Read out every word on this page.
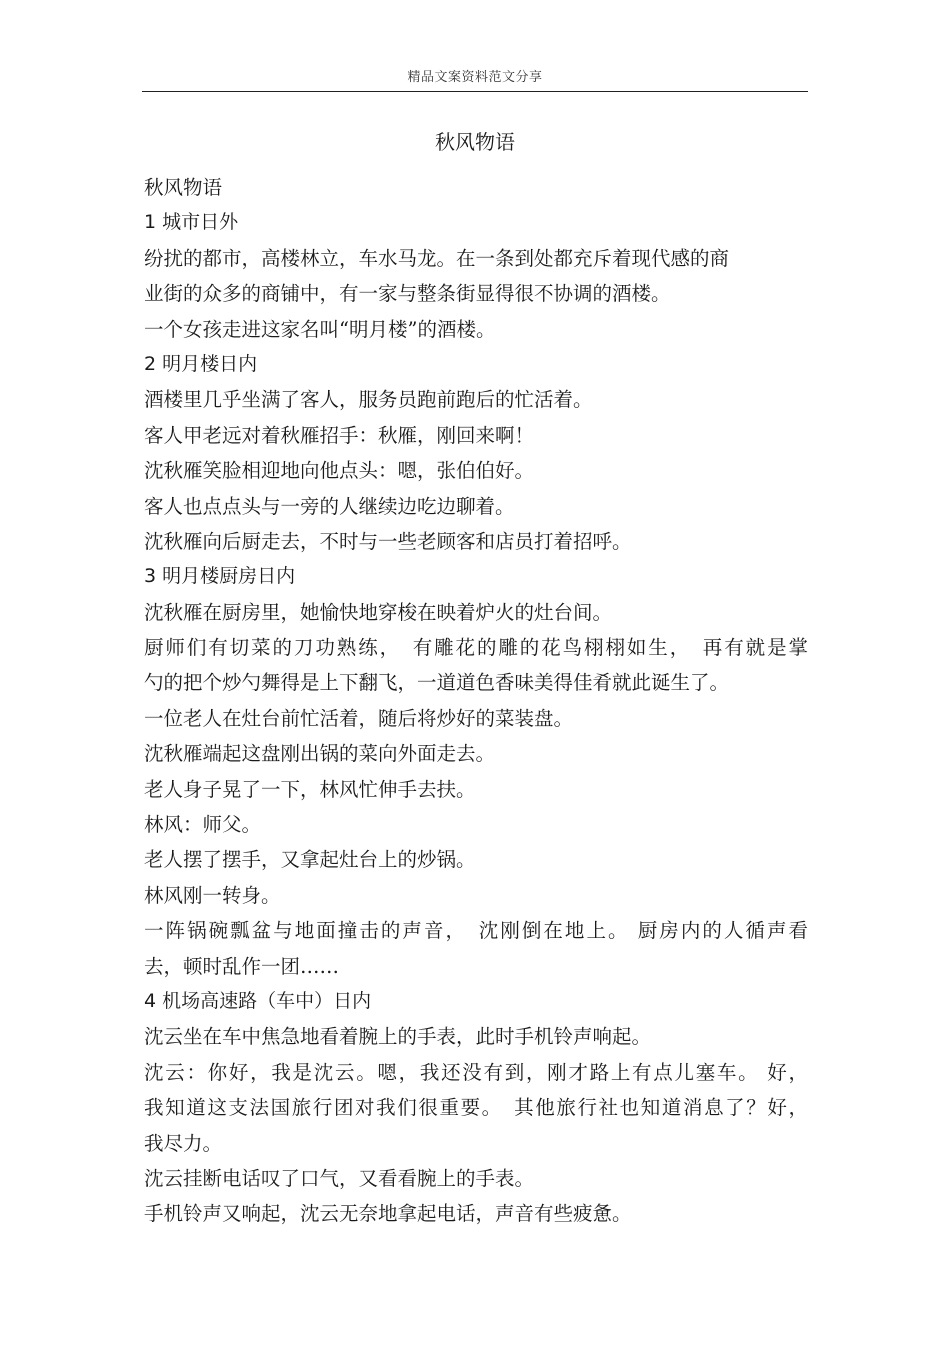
精品文案资料范文分享
秋风物语
秋风物语
1 城市日外
纷扰的都市，高楼林立，车水马龙。在一条到处都充斥着现代感的商
业街的众多的商铺中，有一家与整条街显得很不协调的酒楼。
一个女孩走进这家名叫“明月楼”的酒楼。
2 明月楼日内
酒楼里几乎坐满了客人，服务员跑前跑后的忙活着。
客人甲老远对着秋雁招手：秋雁，刚回来啊！
沈秋雁笑脸相迎地向他点头：嗯，张伯伯好。
客人也点点头与一旁的人继续边吃边聊着。
沈秋雁向后厨走去，不时与一些老顾客和店员打着招呼。
3 明月楼厨房日内
沈秋雁在厨房里，她愉快地穿梭在映着炉火的灶台间。
厨师们有切菜的刀功熟练，　有雕花的雕的花鸟栩栩如生，　再有就是掌
勺的把个炒勺舞得是上下翻飞，一道道色香味美得佳肴就此诞生了。
一位老人在灶台前忙活着，随后将炒好的菜装盘。
沈秋雁端起这盘刚出锅的菜向外面走去。
老人身子晃了一下，林风忙伸手去扶。
林风：师父。
老人摆了摆手，又拿起灶台上的炒锅。
林风刚一转身。
一阵锅碗瓢盆与地面撞击的声音，　沈刚倒在地上。 厨房内的人循声看
去，顿时乱作一团……
4 机场高速路（车中）日内
沈云坐在车中焦急地看着腕上的手表，此时手机铃声响起。
沈云：你好，我是沈云。嗯，我还没有到，刚才路上有点儿塞车。 好，
我知道这支法国旅行团对我们很重要。　其他旅行社也知道消息了？好，
我尽力。
沈云挂断电话叹了口气，又看看腕上的手表。
手机铃声又响起，沈云无奈地拿起电话，声音有些疲惫。
